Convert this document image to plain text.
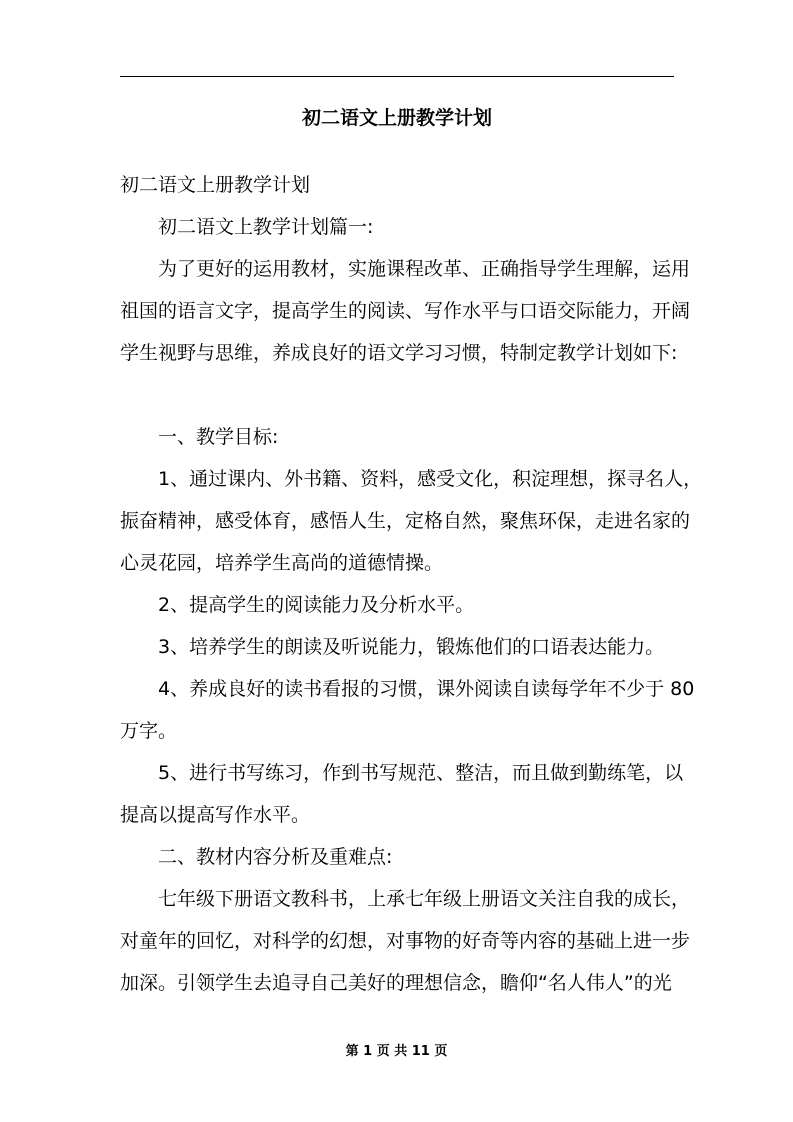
初二语文上册教学计划

初二语文上册教学计划

初二语文上教学计划篇一:

为了更好的运用教材，实施课程改革、正确指导学生理解，运用
祖国的语言文字，提高学生的阅读、写作水平与口语交际能力，开阔
学生视野与思维，养成良好的语文学习习惯，特制定教学计划如下:

一、教学目标:

1、通过课内、外书籍、资料，感受文化，积淀理想，探寻名人，
振奋精神，感受体育，感悟人生，定格自然，聚焦环保，走进名家的
心灵花园，培养学生高尚的道德情操。

2、提高学生的阅读能力及分析水平。

3、培养学生的朗读及听说能力，锻炼他们的口语表达能力。

4、养成良好的读书看报的习惯，课外阅读自读每学年不少于 80
万字。

5、进行书写练习，作到书写规范、整洁，而且做到勤练笔，以
提高以提高写作水平。

二、教材内容分析及重难点:

七年级下册语文教科书，上承七年级上册语文关注自我的成长，
对童年的回忆，对科学的幻想，对事物的好奇等内容的基础上进一步
加深。引领学生去追寻自己美好的理想信念，瞻仰“名人伟人”的光

第 1 页 共 11 页
